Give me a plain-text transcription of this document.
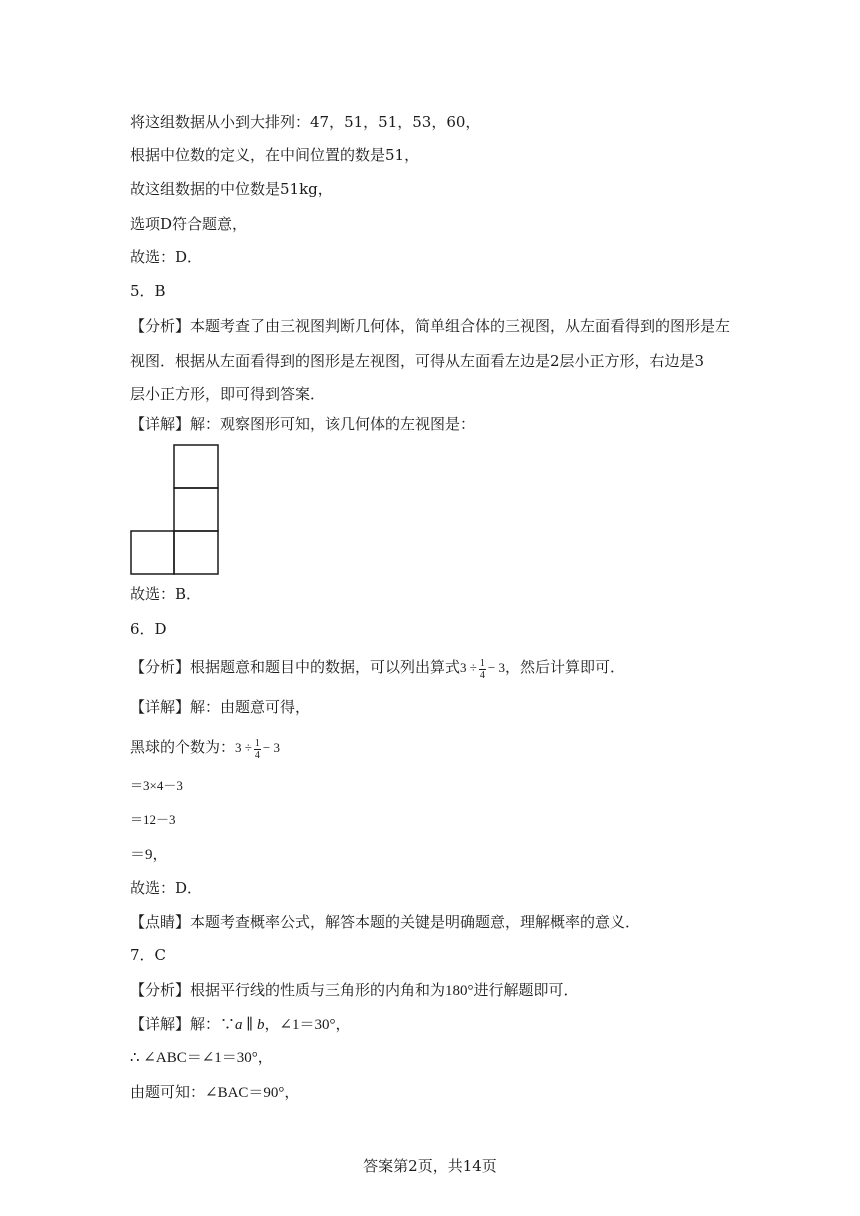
将这组数据从小到大排列：47，51，51，53，60，
根据中位数的定义，在中间位置的数是51，
故这组数据的中位数是51kg，
选项D符合题意，
故选：D．
5．B
【分析】本题考查了由三视图判断几何体，简单组合体的三视图，从左面看得到的图形是左
视图．根据从左面看得到的图形是左视图，可得从左面看左边是2层小正方形，右边是3
层小正方形，即可得到答案．
【详解】解：观察图形可知，该几何体的左视图是：
故选：B．
6．D
【分析】根据题意和题目中的数据，可以列出算式$3 \div \frac{1}{4} - 3$，然后计算即可．
【详解】解：由题意可得，
黑球的个数为：$3 \div \frac{1}{4} - 3$
＝3×4－3
＝12－3
＝9，
故选：D．
【点睛】本题考查概率公式，解答本题的关键是明确题意，理解概率的意义．
7．C
【分析】根据平行线的性质与三角形的内角和为180°进行解题即可．
【详解】解：∵a ∥ b，∠1＝30°，
∴ ∠ABC＝∠1＝30°，
由题可知：∠BAC＝90°，
答案第2页，共14页
